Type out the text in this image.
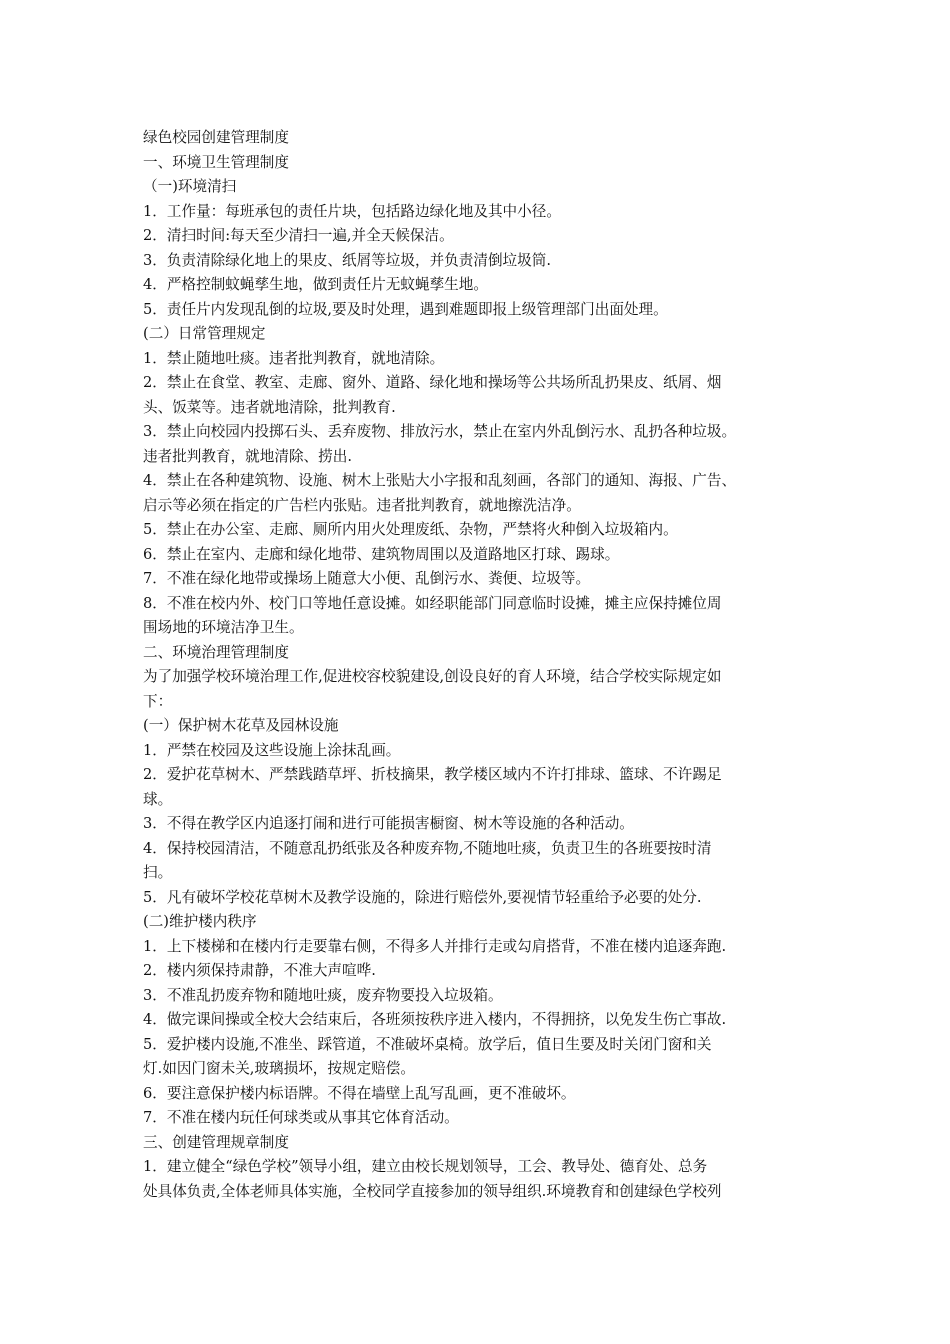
绿色校园创建管理制度
一、环境卫生管理制度
（一)环境清扫
1．工作量：每班承包的责任片块，包括路边绿化地及其中小径。
2．清扫时间:每天至少清扫一遍,并全天候保洁。
3．负责清除绿化地上的果皮、纸屑等垃圾，并负责清倒垃圾筒.
4．严格控制蚊蝇孳生地，做到责任片无蚊蝇孳生地。
5．责任片内发现乱倒的垃圾,要及时处理，遇到难题即报上级管理部门出面处理。
(二）日常管理规定
1．禁止随地吐痰。违者批判教育，就地清除。
2．禁止在食堂、教室、走廊、窗外、道路、绿化地和操场等公共场所乱扔果皮、纸屑、烟
头、饭菜等。违者就地清除，批判教育.
3．禁止向校园内投掷石头、丢弃废物、排放污水，禁止在室内外乱倒污水、乱扔各种垃圾。
违者批判教育，就地清除、捞出.
4．禁止在各种建筑物、设施、树木上张贴大小字报和乱刻画，各部门的通知、海报、广告、
启示等必须在指定的广告栏内张贴。违者批判教育，就地擦洗洁净。
5．禁止在办公室、走廊、厕所内用火处理废纸、杂物，严禁将火种倒入垃圾箱内。
6．禁止在室内、走廊和绿化地带、建筑物周围以及道路地区打球、踢球。
7．不准在绿化地带或操场上随意大小便、乱倒污水、粪便、垃圾等。
8．不准在校内外、校门口等地任意设摊。如经职能部门同意临时设摊，摊主应保持摊位周
围场地的环境洁净卫生。
二、环境治理管理制度
为了加强学校环境治理工作,促进校容校貌建设,创设良好的育人环境，结合学校实际规定如
下：
(一）保护树木花草及园林设施
1．严禁在校园及这些设施上涂抹乱画。
2．爱护花草树木、严禁践踏草坪、折枝摘果，教学楼区域内不许打排球、篮球、不许踢足
球。
3．不得在教学区内追逐打闹和进行可能损害橱窗、树木等设施的各种活动。
4．保持校园清洁，不随意乱扔纸张及各种废弃物,不随地吐痰，负责卫生的各班要按时清
扫。
5．凡有破坏学校花草树木及教学设施的，除进行赔偿外,要视情节轻重给予必要的处分.
(二)维护楼内秩序
1．上下楼梯和在楼内行走要靠右侧，不得多人并排行走或勾肩搭背，不准在楼内追逐奔跑.
2．楼内须保持肃静，不准大声喧哗.
3．不准乱扔废弃物和随地吐痰，废弃物要投入垃圾箱。
4．做完课间操或全校大会结束后，各班须按秩序进入楼内，不得拥挤，以免发生伤亡事故.
5．爱护楼内设施,不准坐、踩管道，不准破坏桌椅。放学后，值日生要及时关闭门窗和关
灯.如因门窗未关,玻璃损坏，按规定赔偿。
6．要注意保护楼内标语牌。不得在墙壁上乱写乱画，更不准破坏。
7．不准在楼内玩任何球类或从事其它体育活动。
三、创建管理规章制度
1．建立健全“绿色学校”领导小组，建立由校长规划领导，工会、教导处、德育处、总务
处具体负责,全体老师具体实施，全校同学直接参加的领导组织.环境教育和创建绿色学校列
